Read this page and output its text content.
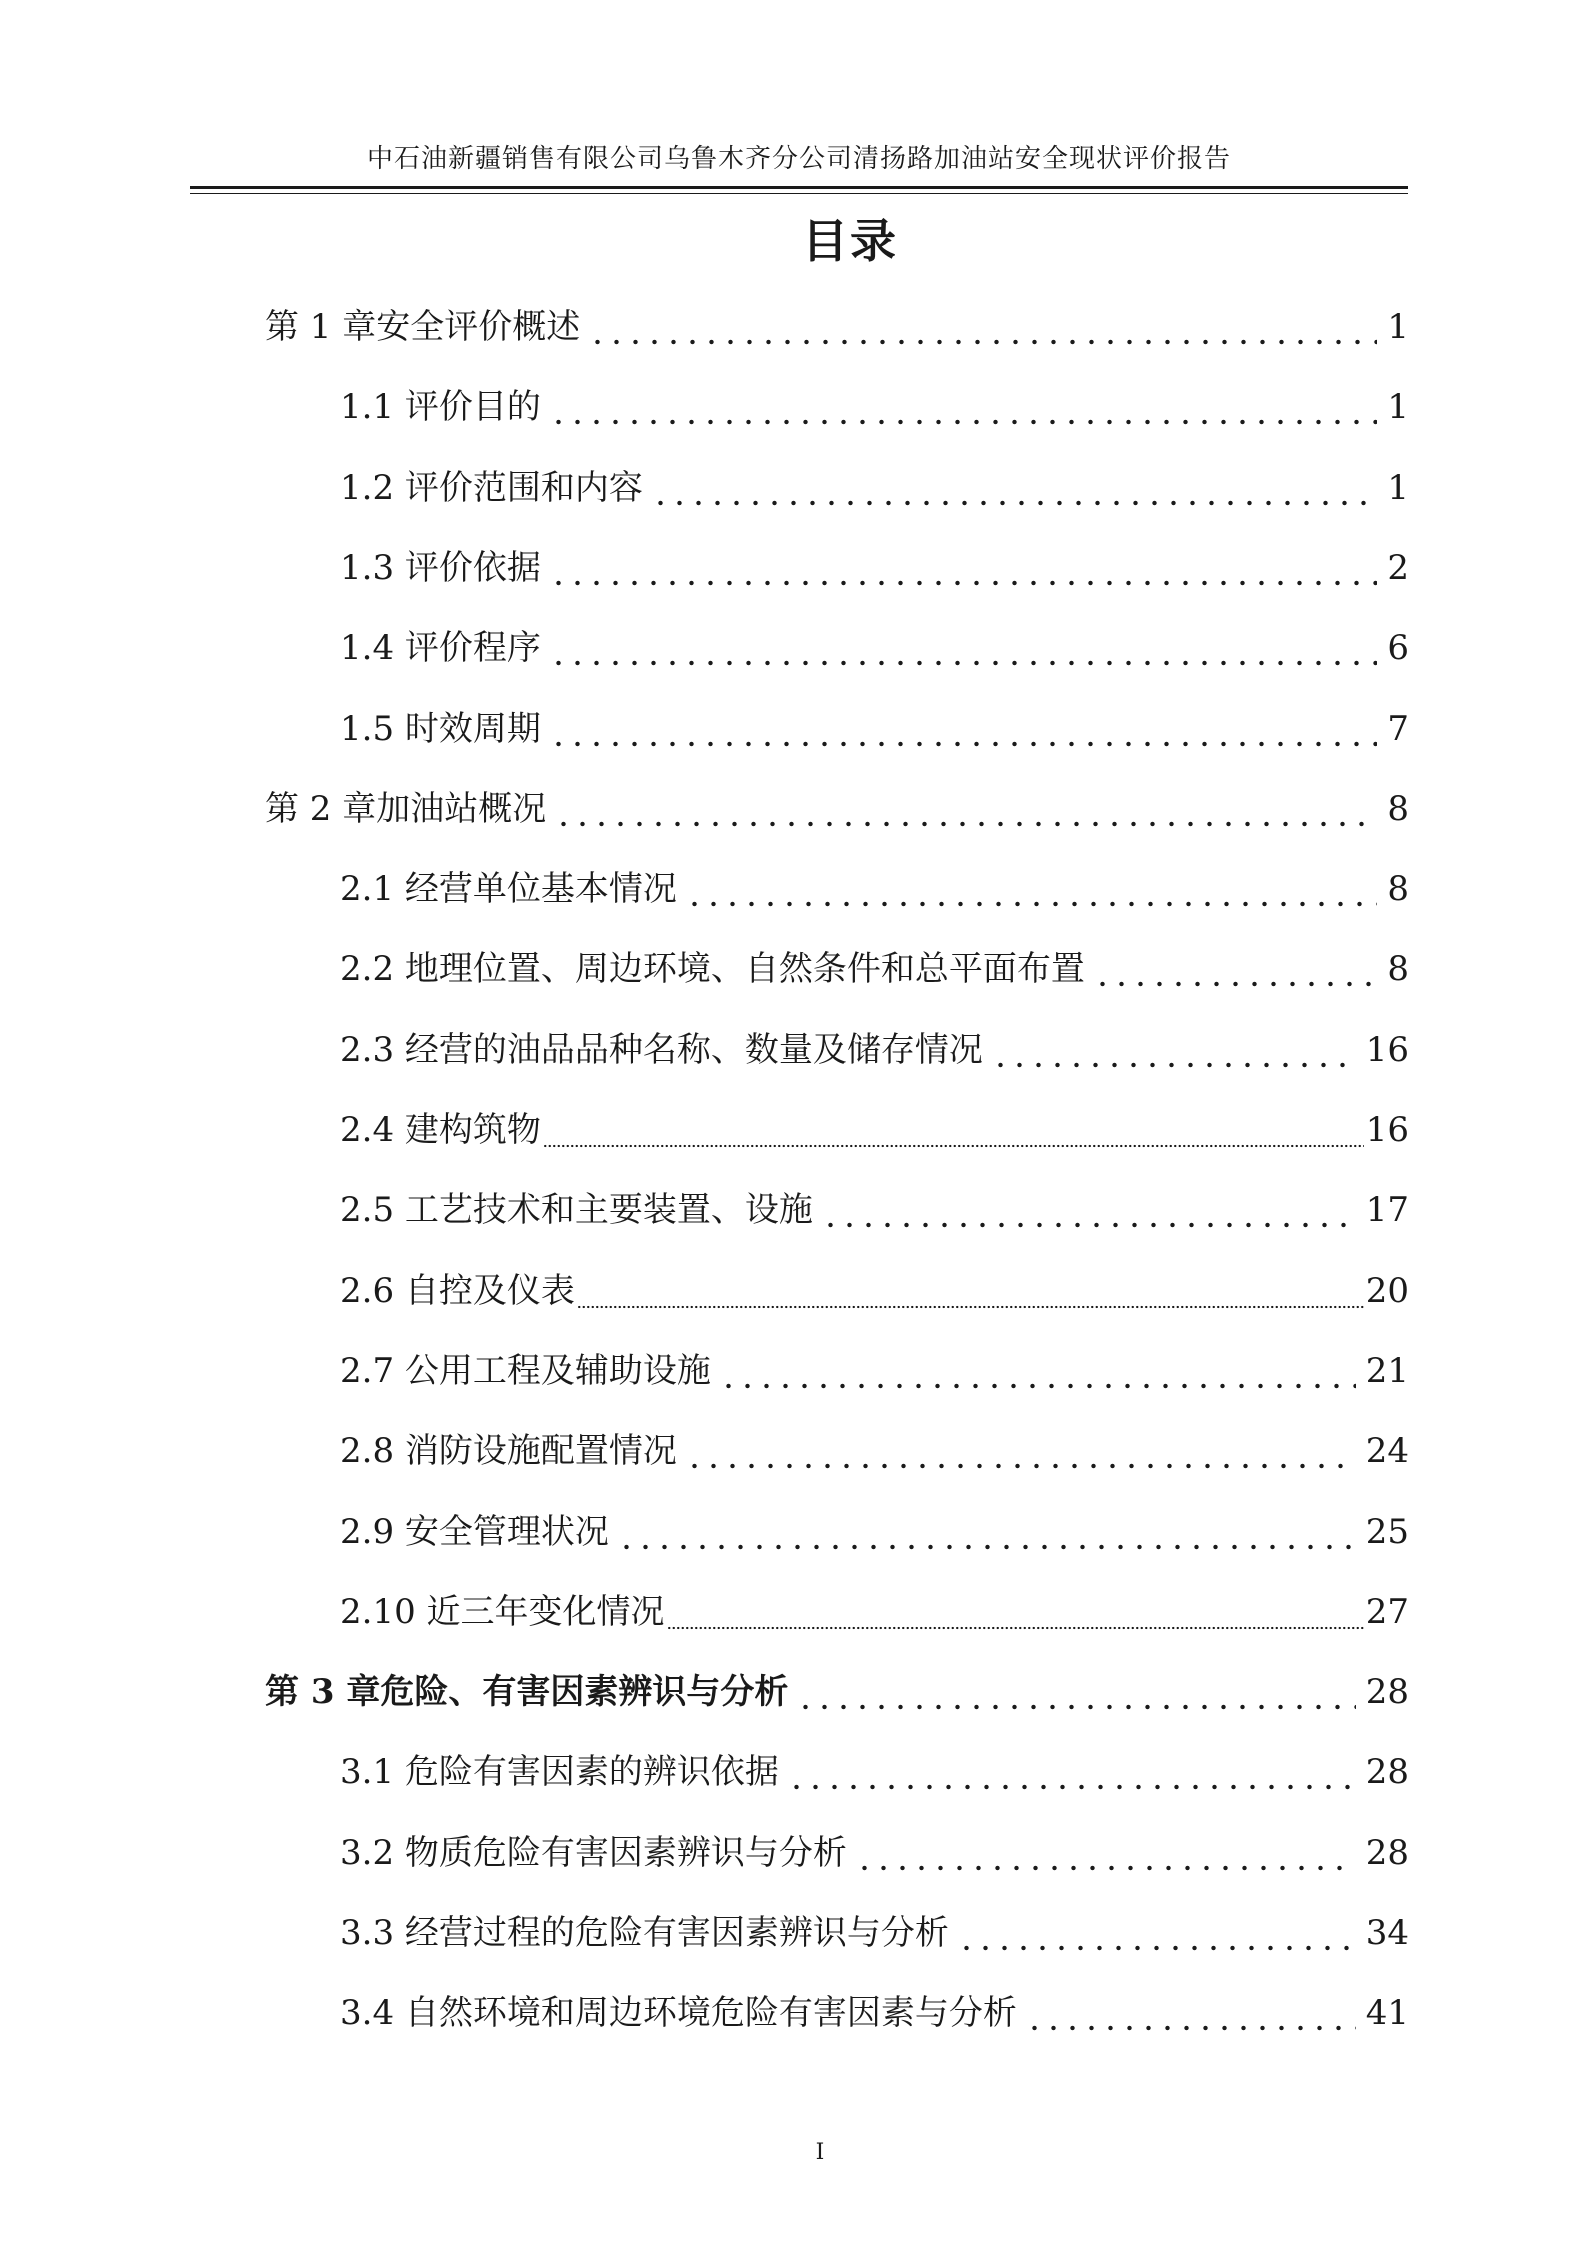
中石油新疆销售有限公司乌鲁木齐分公司清扬路加油站安全现状评价报告
目录
第 1 章安全评价概述	1
1.1 评价目的	1
1.2 评价范围和内容	1
1.3 评价依据	2
1.4 评价程序	6
1.5 时效周期	7
第 2 章加油站概况	8
2.1 经营单位基本情况	8
2.2 地理位置、周边环境、自然条件和总平面布置	8
2.3 经营的油品品种名称、数量及储存情况	16
2.4 建构筑物	16
2.5 工艺技术和主要装置、设施	17
2.6 自控及仪表	20
2.7 公用工程及辅助设施	21
2.8 消防设施配置情况	24
2.9 安全管理状况	25
2.10 近三年变化情况	27
第 3 章危险、有害因素辨识与分析	28
3.1 危险有害因素的辨识依据	28
3.2 物质危险有害因素辨识与分析	28
3.3 经营过程的危险有害因素辨识与分析	34
3.4 自然环境和周边环境危险有害因素与分析	41
I
